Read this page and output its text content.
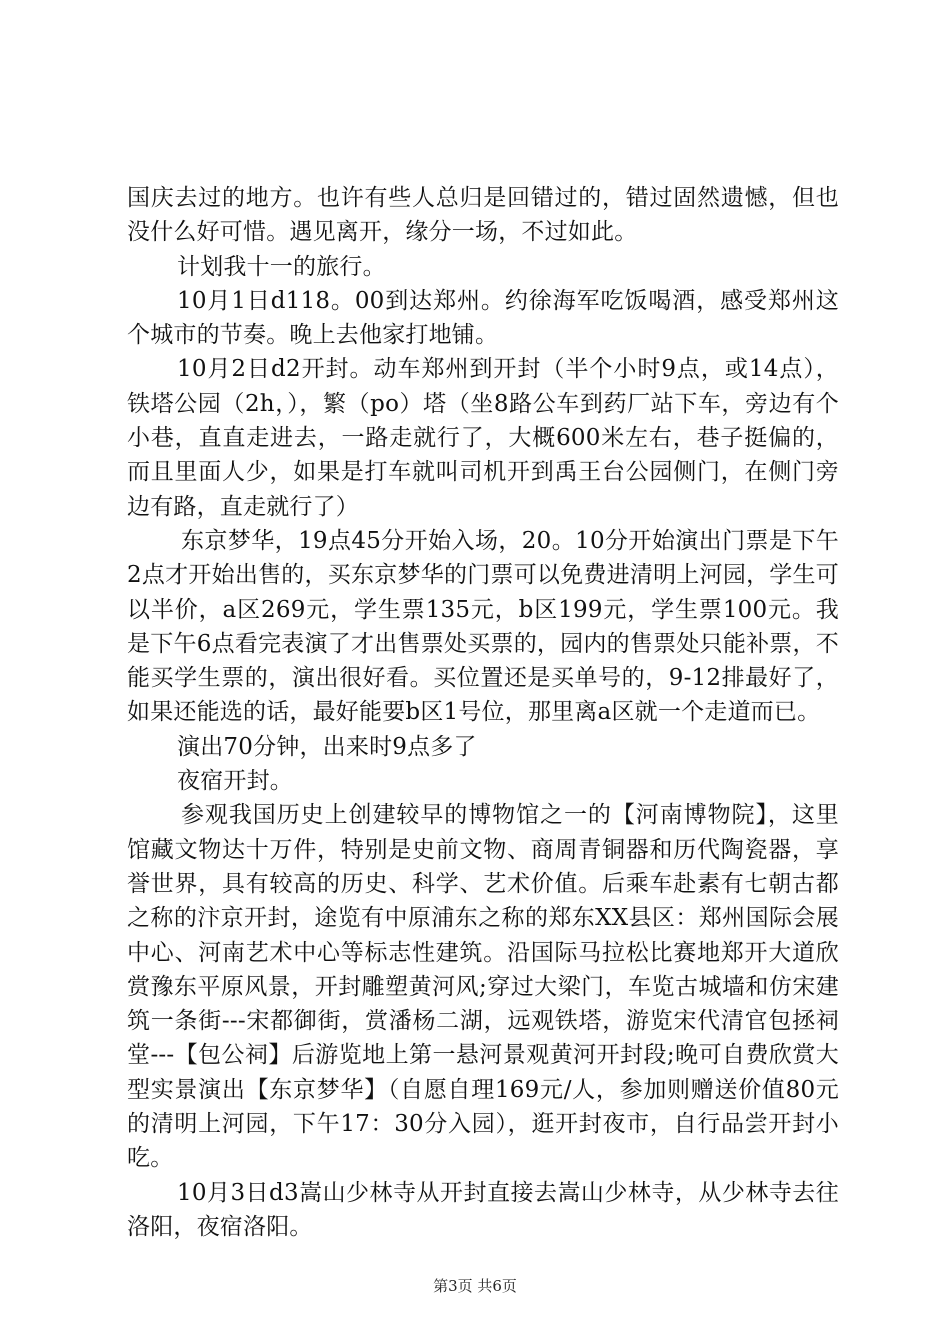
国庆去过的地方。也许有些人总归是回错过的，错过固然遗憾，但也没什么好可惜。遇见离开，缘分一场，不过如此。

计划我十一的旅行。

10月1日d118。00到达郑州。约徐海军吃饭喝酒，感受郑州这个城市的节奏。晚上去他家打地铺。

10月2日d2开封。动车郑州到开封（半个小时9点，或14点），铁塔公园（2h，），繁（po）塔（坐8路公车到药厂站下车，旁边有个小巷，直直走进去，一路走就行了，大概600米左右，巷子挺偏的，而且里面人少，如果是打车就叫司机开到禹王台公园侧门，在侧门旁边有路，直走就行了）

东京梦华，19点45分开始入场，20。10分开始演出门票是下午2点才开始出售的，买东京梦华的门票可以免费进清明上河园，学生可以半价，a区269元，学生票135元，b区199元，学生票100元。我是下午6点看完表演了才出售票处买票的，园内的售票处只能补票，不能买学生票的，演出很好看。买位置还是买单号的，9-12排最好了，如果还能选的话，最好能要b区1号位，那里离a区就一个走道而已。

演出70分钟，出来时9点多了

夜宿开封。

参观我国历史上创建较早的博物馆之一的【河南博物院】，这里馆藏文物达十万件，特别是史前文物、商周青铜器和历代陶瓷器，享誉世界，具有较高的历史、科学、艺术价值。后乘车赴素有七朝古都之称的汴京开封，途览有中原浦东之称的郑东XX县区：郑州国际会展中心、河南艺术中心等标志性建筑。沿国际马拉松比赛地郑开大道欣赏豫东平原风景，开封雕塑黄河风;穿过大梁门，车览古城墙和仿宋建筑一条街---宋都御街，赏潘杨二湖，远观铁塔，游览宋代清官包拯祠堂---【包公祠】后游览地上第一悬河景观黄河开封段;晚可自费欣赏大型实景演出【东京梦华】（自愿自理169元/人，参加则赠送价值80元的清明上河园，下午17：30分入园），逛开封夜市，自行品尝开封小吃。

10月3日d3嵩山少林寺从开封直接去嵩山少林寺，从少林寺去往洛阳，夜宿洛阳。

第3页 共6页
